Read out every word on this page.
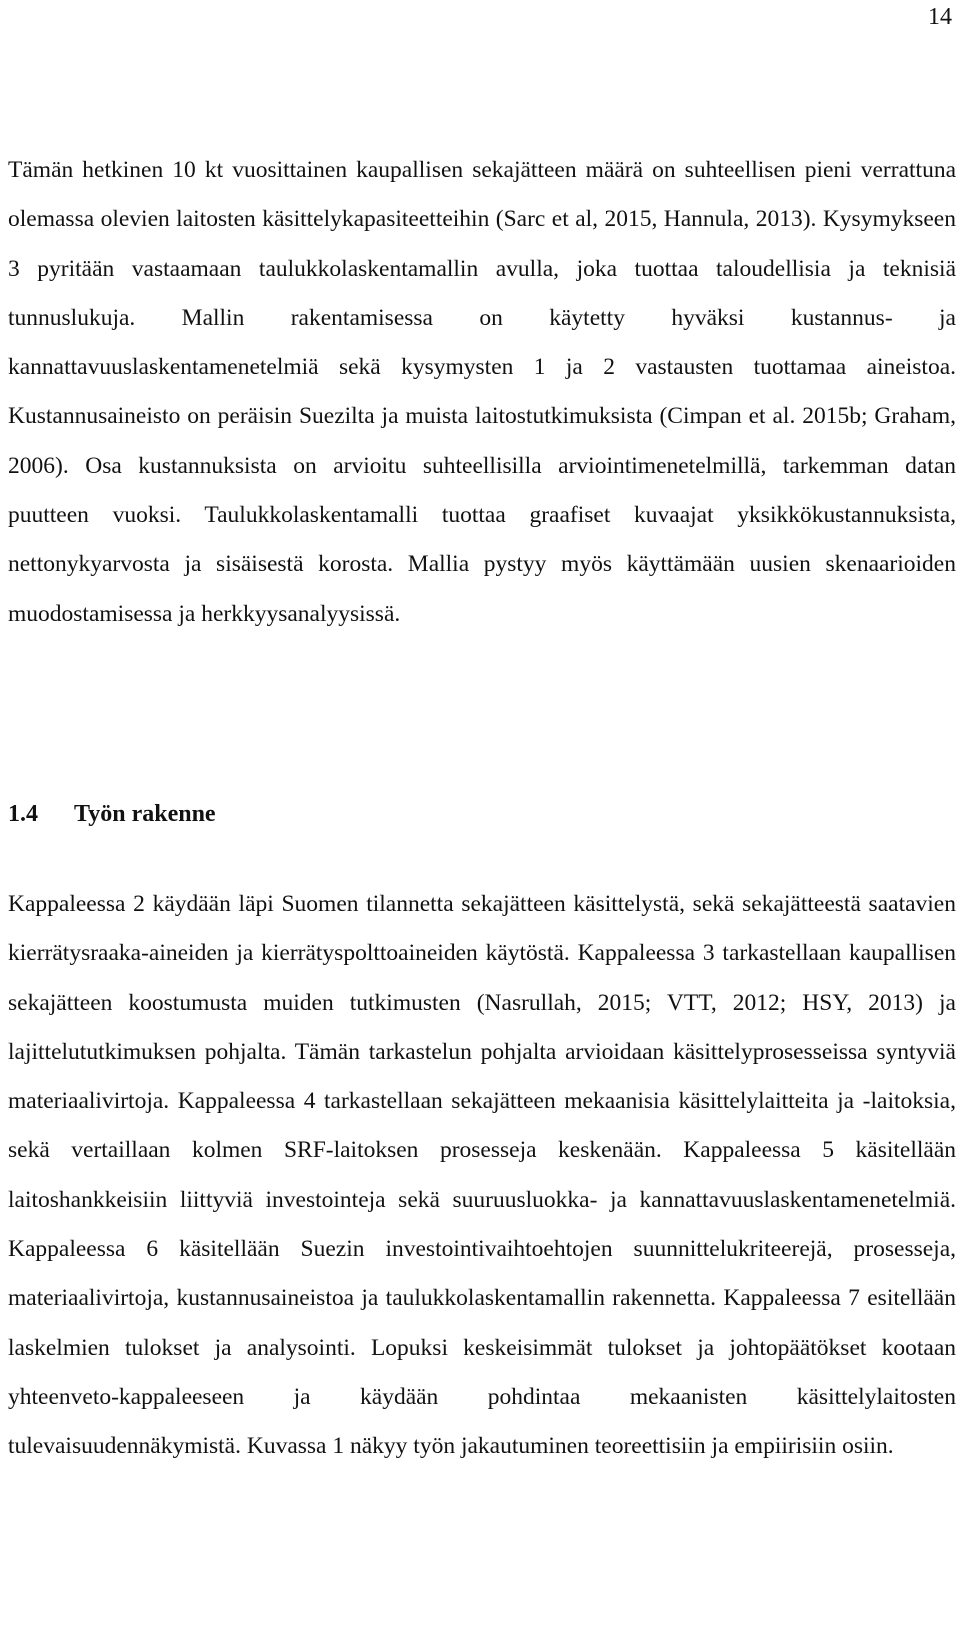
14

Tämän hetkinen 10 kt vuosittainen kaupallisen sekajätteen määrä on suhteellisen pieni verrattuna olemassa olevien laitosten käsittelykapasiteetteihin (Sarc et al, 2015, Hannula, 2013). Kysymykseen 3 pyritään vastaamaan taulukkolaskentamallin avulla, joka tuottaa taloudellisia ja teknisiä tunnuslukuja. Mallin rakentamisessa on käytetty hyväksi kustannus- ja kannattavuuslaskentamenetelmiä sekä kysymysten 1 ja 2 vastausten tuottamaa aineistoa. Kustannusaineisto on peräisin Suezilta ja muista laitostutkimuksista (Cimpan et al. 2015b; Graham, 2006). Osa kustannuksista on arvioitu suhteellisilla arviointimenetelmillä, tarkemman datan puutteen vuoksi. Taulukkolaskentamalli tuottaa graafiset kuvaajat yksikkökustannuksista, nettonykyarvosta ja sisäisestä korosta. Mallia pystyy myös käyttämään uusien skenaarioiden muodostamisessa ja herkkyysanalyysissä.

1.4 Työn rakenne

Kappaleessa 2 käydään läpi Suomen tilannetta sekajätteen käsittelystä, sekä sekajätteestä saatavien kierrätysraaka-aineiden ja kierrätyspolttoaineiden käytöstä. Kappaleessa 3 tarkastellaan kaupallisen sekajätteen koostumusta muiden tutkimusten (Nasrullah, 2015; VTT, 2012; HSY, 2013) ja lajittelututkimuksen pohjalta. Tämän tarkastelun pohjalta arvioidaan käsittelyprosesseissa syntyviä materiaalivirtoja. Kappaleessa 4 tarkastellaan sekajätteen mekaanisia käsittelylaitteita ja -laitoksia, sekä vertaillaan kolmen SRF-laitoksen prosesseja keskenään. Kappaleessa 5 käsitellään laitoshankkeisiin liittyviä investointeja sekä suuruusluokka- ja kannattavuuslaskentamenetelmiä. Kappaleessa 6 käsitellään Suezin investointivaihtoehtojen suunnittelukriteerejä, prosesseja, materiaalivirtoja, kustannusaineistoa ja taulukkolaskentamallin rakennetta. Kappaleessa 7 esitellään laskelmien tulokset ja analysointi. Lopuksi keskeisimmät tulokset ja johtopäätökset kootaan yhteenveto-kappaleeseen ja käydään pohdintaa mekaanisten käsittelylaitosten tulevaisuudennäkymistä. Kuvassa 1 näkyy työn jakautuminen teoreettisiin ja empiirisiin osiin.
